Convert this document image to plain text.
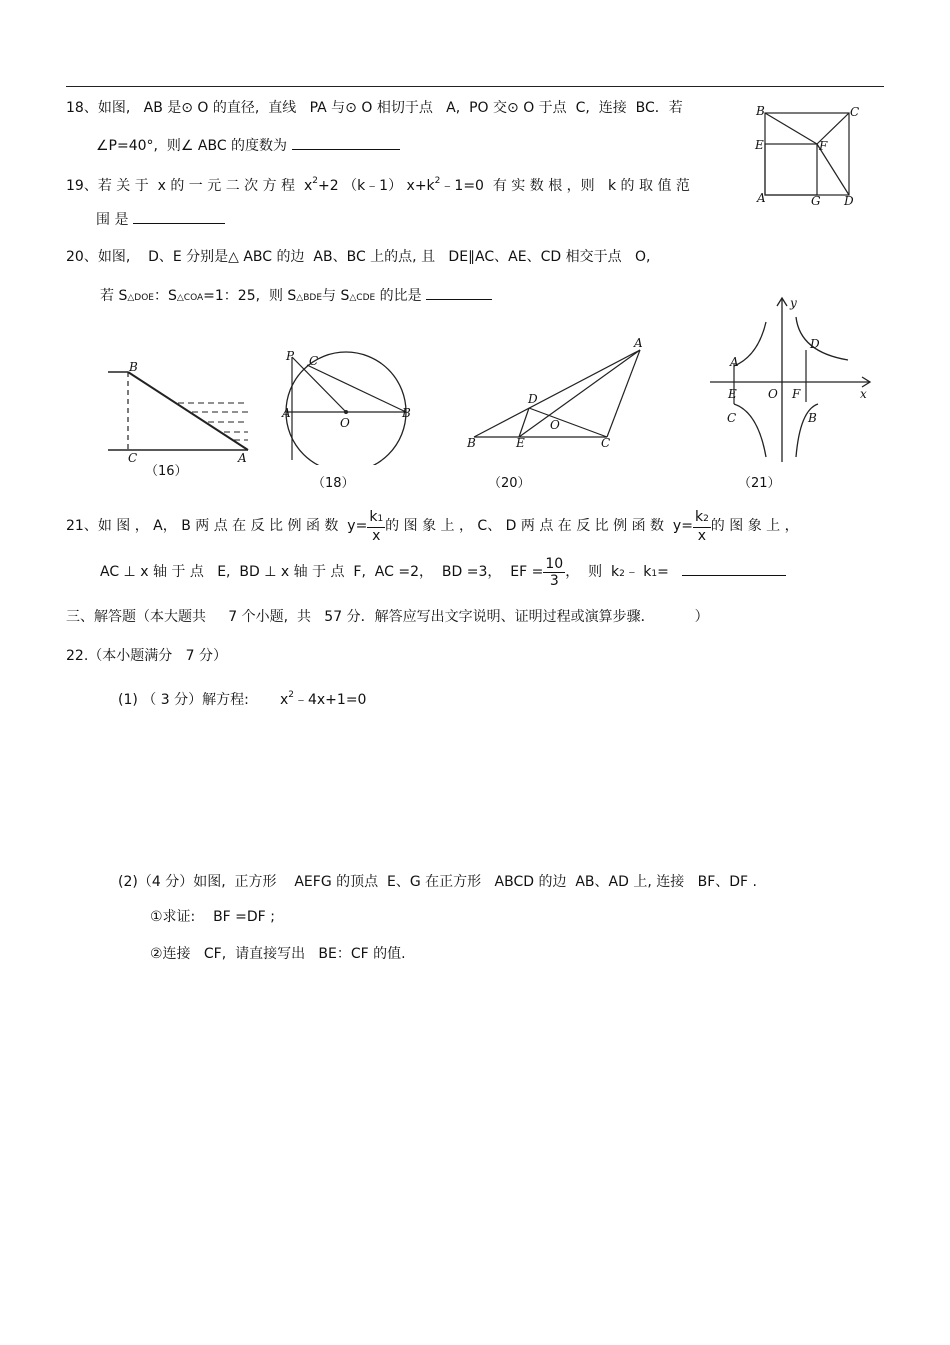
18、如图,   AB 是⊙ O 的直径,  直线   PA 与⊙ O 相切于点   A,  PO 交⊙ O 于点  C,  连接  BC．若
∠P=40°,  则∠ ABC 的度数为
19、若 关 于  x 的 一 元 二 次 方 程  $x^2+2$ （k﹣1） $x+k^2﹣1=0$  有 实 数 根 ，则   k 的 取 值 范
围 是
B	C
E	F
A	G D
20、如图,    D、E 分别是△ ABC 的边  AB、BC 上的点, 且   DE∥AC、AE、CD 相交于点   O,
若 S△DOE：S△COA=1：25,  则 S△BDE与 S△CDE 的比是
B
C	A
（16）
P C
A
O
B
（18）
A
D
O
B	E	C
（20）
y
A
D
E	O F	x
C	B
（21）
21、如 图 ， A， B 两 点 在 反 比 例 函 数  $y= \frac{k1}{x}$ 的 图 象 上 ， C、 D 两 点 在 反 比 例 函 数  $y= \frac{k2}{x}$ 的 图 象 上 ，
AC ⊥ x 轴 于 点   E,  BD ⊥ x 轴 于 点  F,  AC =2，  BD =3，  EF = $\frac{10}{3}$ ，  则  k2﹣ k1=
三、解答题（本大题共     7 个小题,  共   57 分．解答应写出文字说明、证明过程或演算步骤．         ）
22.（本小题满分   7 分）
(1) （ 3 分）解方程:       $x^2﹣4x+1=0$
(2)（4 分）如图,  正方形    AEFG 的顶点  E、G 在正方形   ABCD 的边  AB、AD 上, 连接   BF、DF .
①求证:    BF =DF ;
②连接   CF,  请直接写出   BE：CF 的值.
